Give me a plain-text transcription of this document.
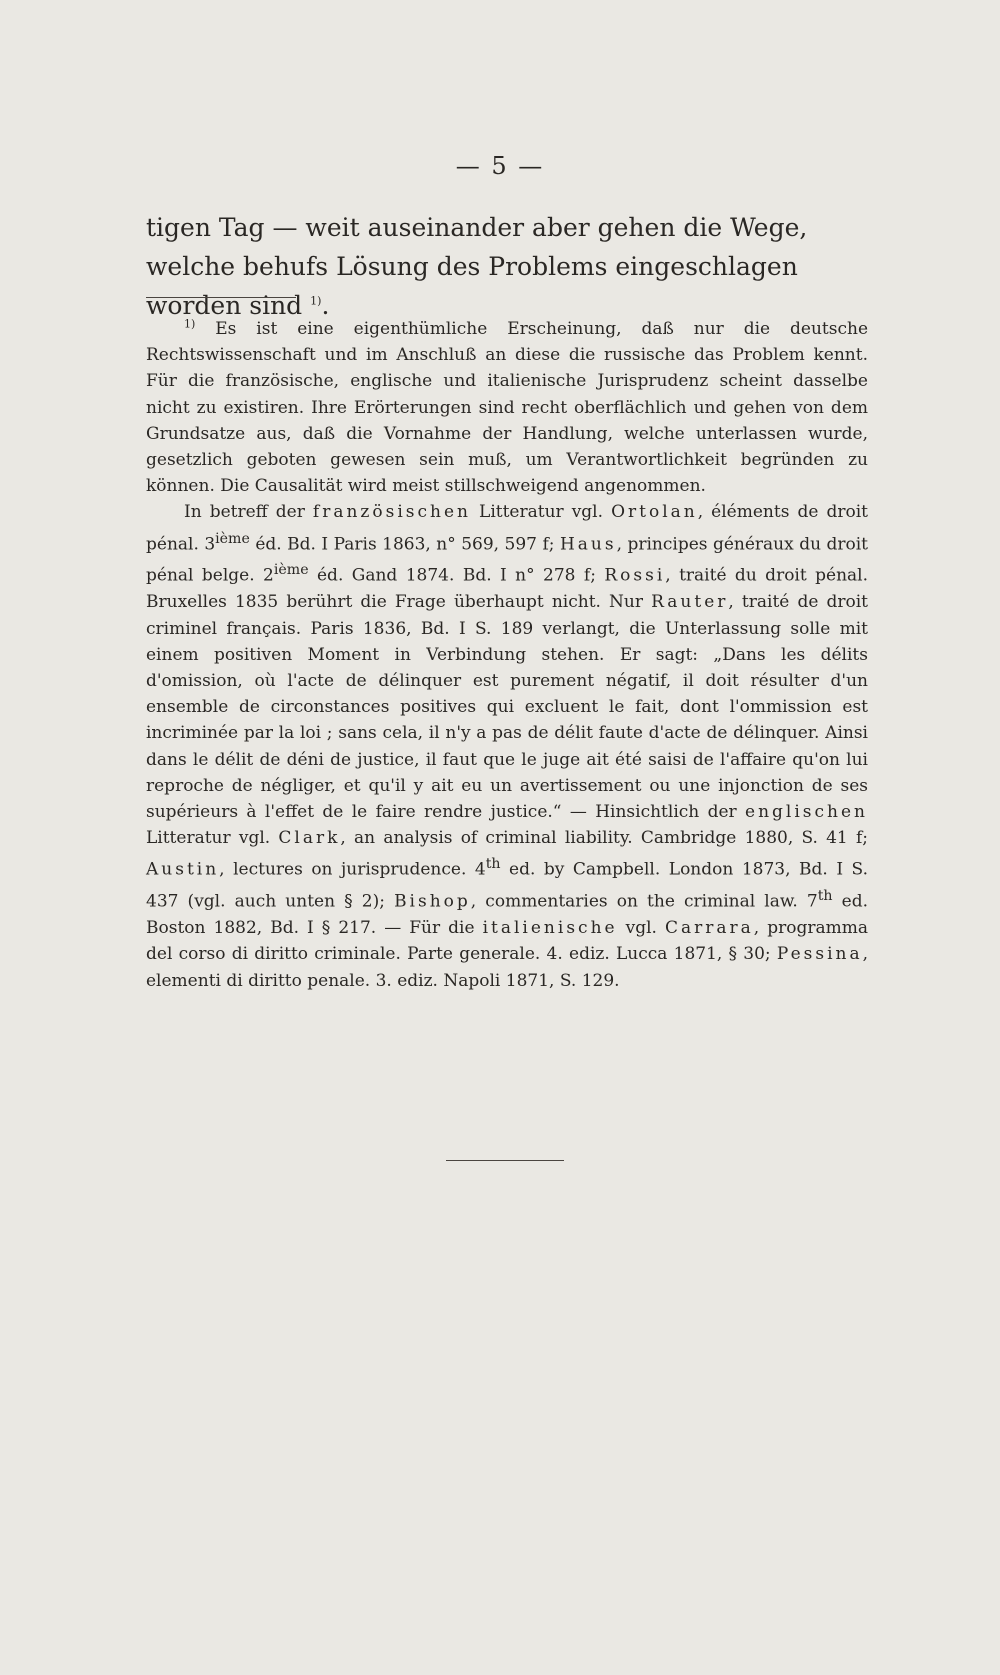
— 5 —

tigen Tag — weit auseinander aber gehen die Wege, welche behufs Lösung des Problems eingeschlagen worden sind $^{1)}$.

$^{1)}$ Es ist eine eigenthümliche Erscheinung, daß nur die deutsche Rechtswissenschaft und im Anschluß an diese die russische das Problem kennt. Für die französische, englische und italienische Jurisprudenz scheint dasselbe nicht zu existiren. Ihre Erörterungen sind recht oberflächlich und gehen von dem Grundsatze aus, daß die Vornahme der Handlung, welche unterlassen wurde, gesetzlich geboten gewesen sein muß, um Verantwortlichkeit begründen zu können. Die Causalität wird meist stillschweigend angenommen.

In betreff der französischen Litteratur vgl. Ortolan, éléments de droit pénal. 3ième éd. Bd. I Paris 1863, n° 569, 597 f; Haus, principes généraux du droit pénal belge. 2ième éd. Gand 1874. Bd. I n° 278 f; Rossi, traité du droit pénal. Bruxelles 1835 berührt die Frage überhaupt nicht. Nur Rauter, traité de droit criminel français. Paris 1836, Bd. I S. 189 verlangt, die Unterlassung solle mit einem positiven Moment in Verbindung stehen. Er sagt: „Dans les délits d'omission, où l'acte de délinquer est purement négatif, il doit résulter d'un ensemble de circonstances positives qui excluent le fait, dont l'ommission est incriminée par la loi ; sans cela, il n'y a pas de délit faute d'acte de délinquer. Ainsi dans le délit de déni de justice, il faut que le juge ait été saisi de l'affaire qu'on lui reproche de négliger, et qu'il y ait eu un avertissement ou une injonction de ses supérieurs à l'effet de le faire rendre justice.“ — Hinsichtlich der englischen Litteratur vgl. Clark, an analysis of criminal liability. Cambridge 1880, S. 41 f; Austin, lectures on jurisprudence. 4th ed. by Campbell. London 1873, Bd. I S. 437 (vgl. auch unten § 2); Bishop, commentaries on the criminal law. 7th ed. Boston 1882, Bd. I § 217. — Für die italienische vgl. Carrara, programma del corso di diritto criminale. Parte generale. 4. ediz. Lucca 1871, § 30; Pessina, elementi di diritto penale. 3. ediz. Napoli 1871, S. 129.
